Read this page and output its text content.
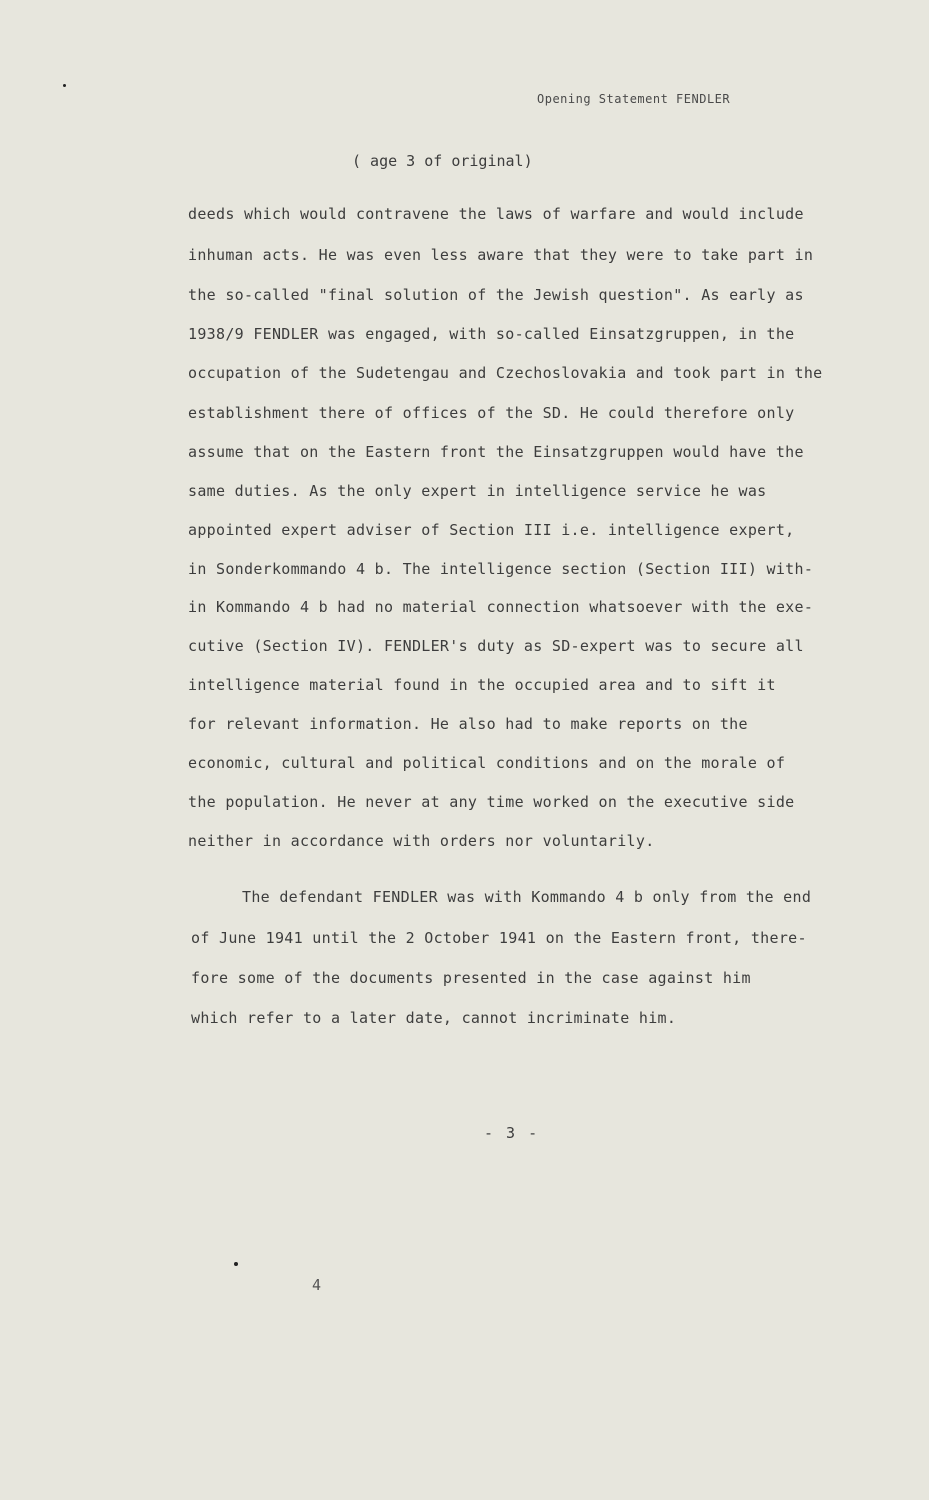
Opening Statement FENDLER
( age 3 of original)
deeds which would contravene the laws of warfare and would include
inhuman acts. He was even less aware that they were to take part in
the so-called "final solution of the Jewish question". As early as
1938/9 FENDLER was engaged, with so-called Einsatzgruppen, in the
occupation of the Sudetengau and Czechoslovakia and took part in the
establishment there of offices of the SD. He could therefore only
assume that on the Eastern front the Einsatzgruppen would have the
same duties. As the only expert in intelligence service he was
appointed expert adviser of Section III i.e. intelligence expert,
in Sonderkommando 4 b. The intelligence section (Section III) with-
in Kommando 4 b had no material connection whatsoever with the exe-
cutive (Section IV). FENDLER's duty as SD-expert was to secure all
intelligence material found in the occupied area and to sift it
for relevant information. He also had to make reports on the
economic, cultural and political conditions and on the morale of
the population. He never at any time worked on the executive side
neither in accordance with orders nor voluntarily.
The defendant FENDLER was with Kommando 4 b only from the end
of June 1941 until the 2 October 1941 on the Eastern front, there-
fore some of the documents presented in the case against him
which refer to a later date, cannot incriminate him.
- 3 -
4
